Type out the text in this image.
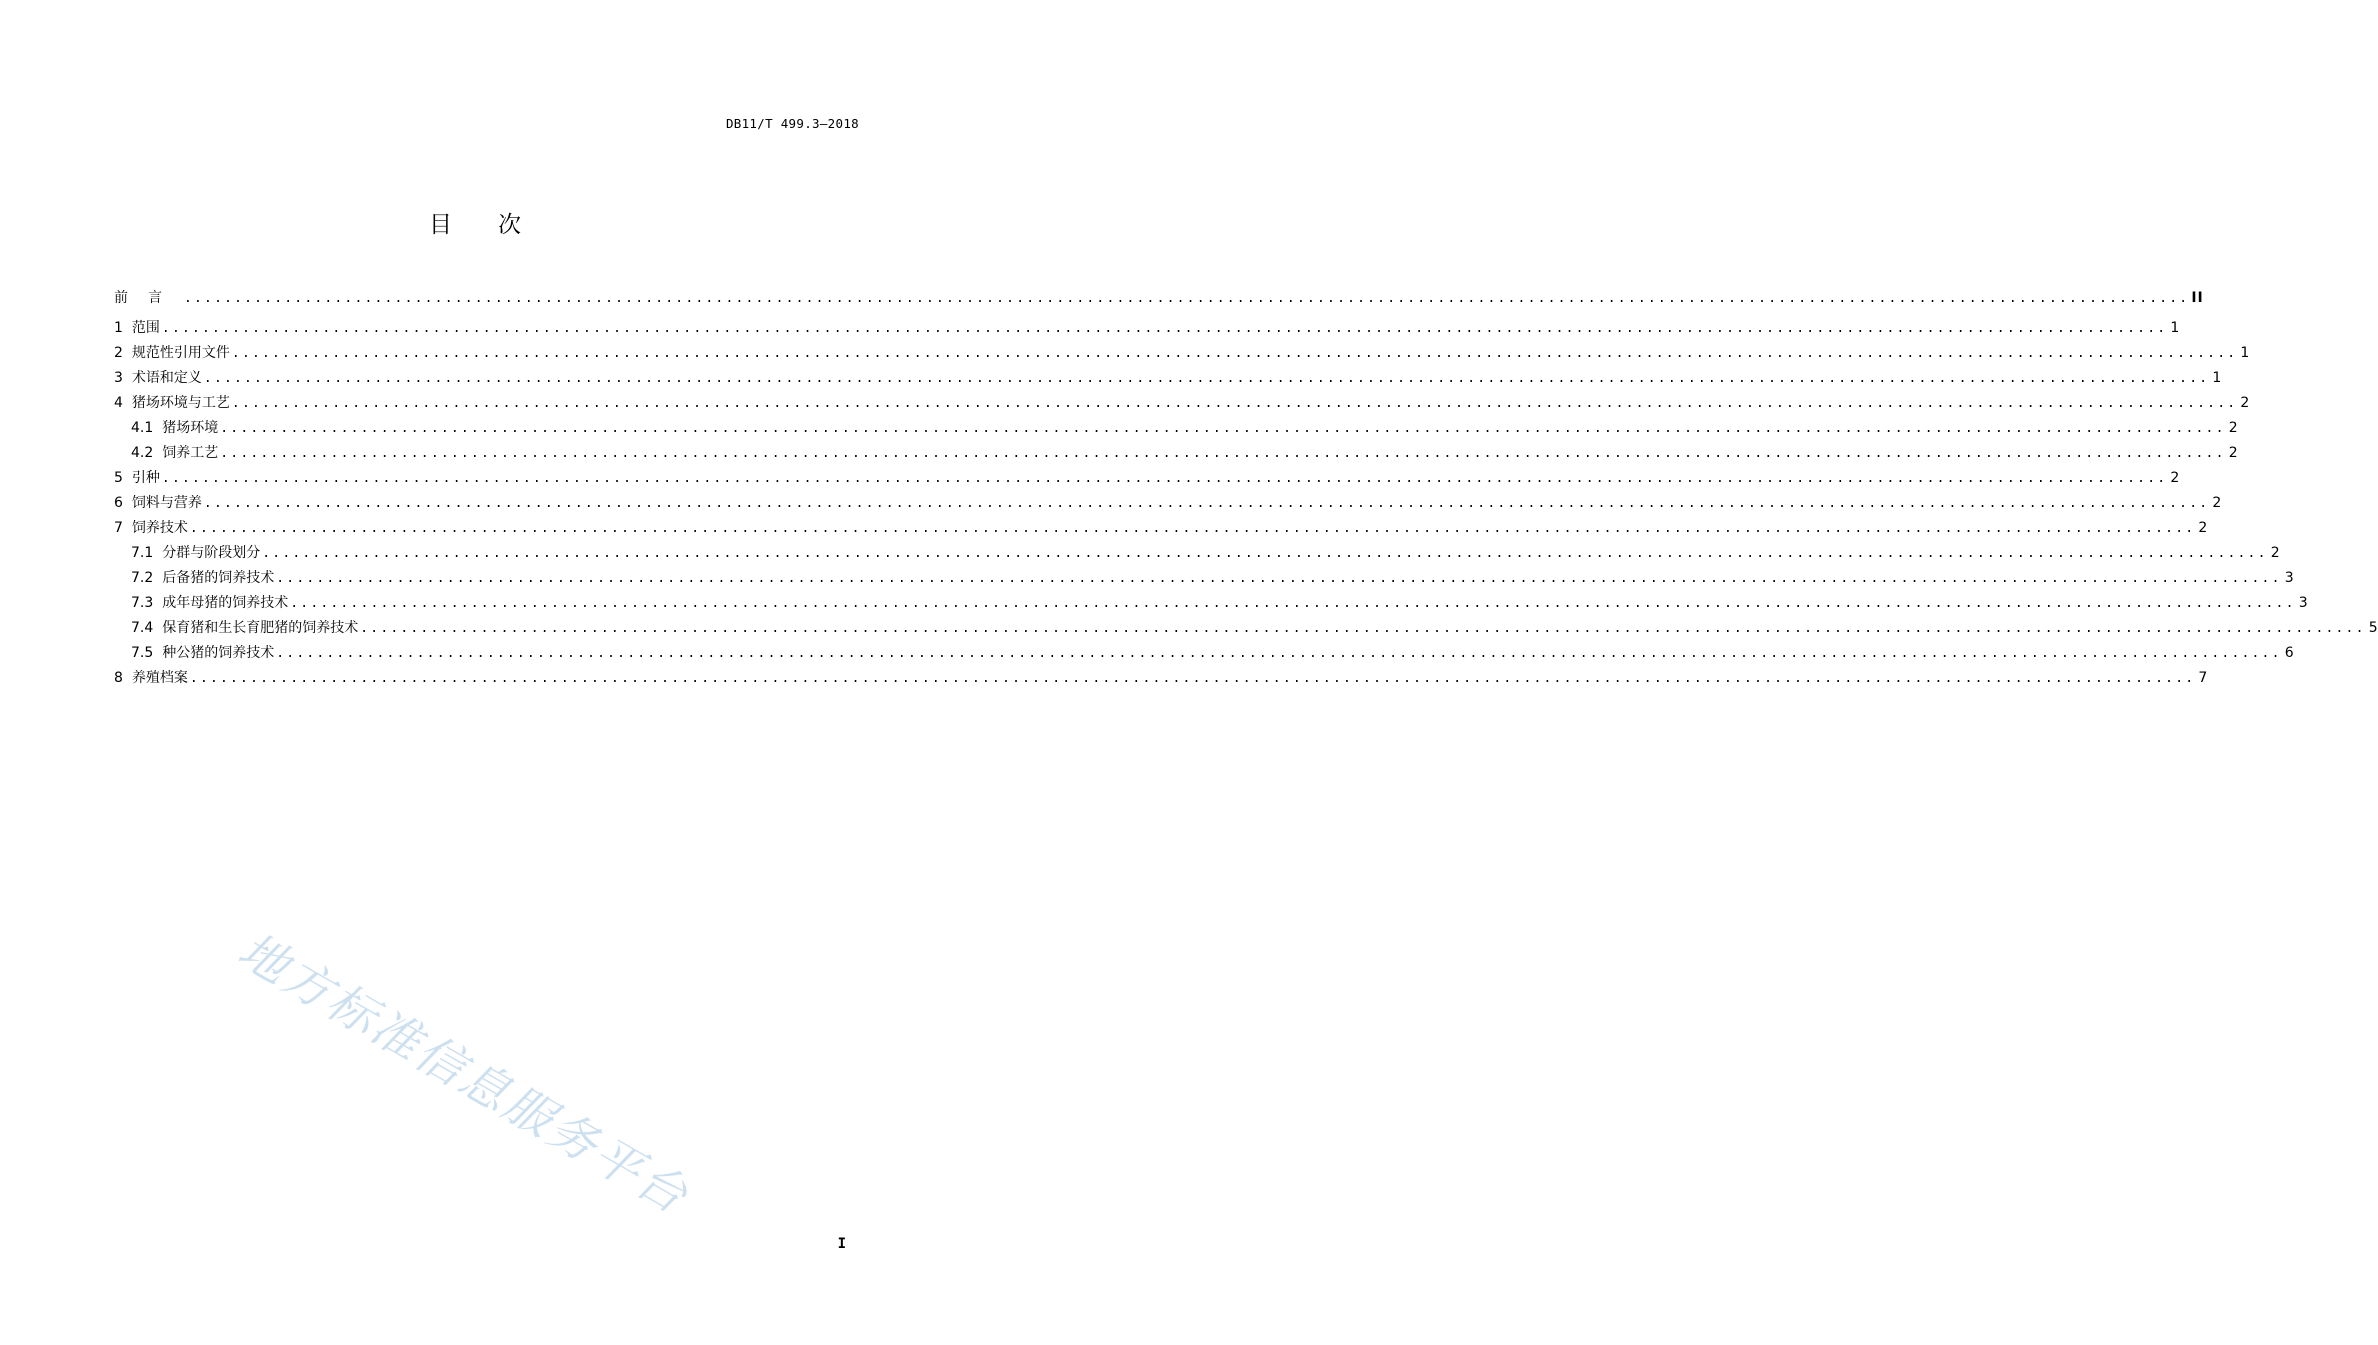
DB11/T 499.3—2018
目次
前言 ........................................................................................................................................................................................................ II
1 范围 ........................................................................................................................................................................................................ 1
2 规范性引用文件 ........................................................................................................................................................................................................ 1
3 术语和定义 ........................................................................................................................................................................................................ 1
4 猪场环境与工艺 ........................................................................................................................................................................................................ 2
4.1 猪场环境 ........................................................................................................................................................................................................ 2
4.2 饲养工艺 ........................................................................................................................................................................................................ 2
5 引种 ........................................................................................................................................................................................................ 2
6 饲料与营养 ........................................................................................................................................................................................................ 2
7 饲养技术 ........................................................................................................................................................................................................ 2
7.1 分群与阶段划分 ........................................................................................................................................................................................................ 2
7.2 后备猪的饲养技术 ........................................................................................................................................................................................................ 3
7.3 成年母猪的饲养技术 ........................................................................................................................................................................................................ 3
7.4 保育猪和生长育肥猪的饲养技术 ........................................................................................................................................................................................................ 5
7.5 种公猪的饲养技术 ........................................................................................................................................................................................................ 6
8 养殖档案 ........................................................................................................................................................................................................ 7
地方标准信息服务平台
I
